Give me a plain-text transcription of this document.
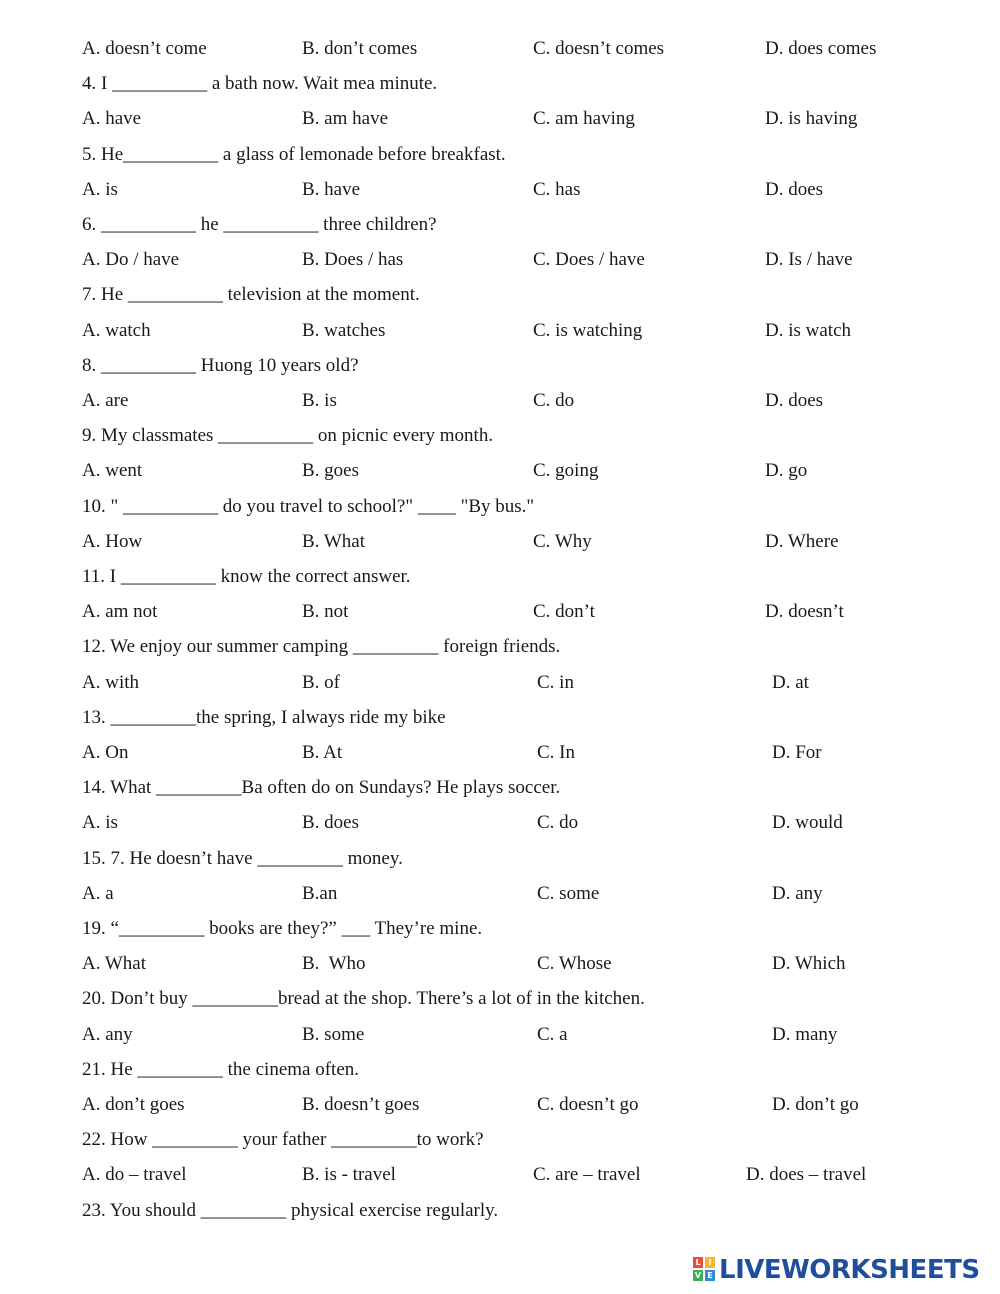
A. doesn’t come	B. don’t comes	C. doesn’t comes	D. does comes
4. I __________ a bath now. Wait mea minute.
A. have	B. am have	C. am having	D. is having
5. He__________ a glass of lemonade before breakfast.
A. is	B. have	C. has	D. does
6. __________ he __________ three children?
A. Do / have	B. Does / has	C. Does / have	D. Is / have
7. He __________ television at the moment.
A. watch	B. watches	C. is watching	D. is watch
8. __________ Huong 10 years old?
A. are	B. is	C. do	D. does
9. My classmates __________ on picnic every month.
A. went	B. goes	C. going	D. go
10. " __________ do you travel to school?" ____ "By bus."
A. How	B. What	C. Why	D. Where
11. I __________ know the correct answer.
A. am not	B. not	C. don’t	D. doesn’t
12. We enjoy our summer camping _________ foreign friends.
A. with	B. of	C. in	D. at
13. _________the spring, I always ride my bike
A. On	B. At	C. In	D. For
14. What _________Ba often do on Sundays? He plays soccer.
A. is	B. does	C. do	D. would
15. 7. He doesn’t have _________ money.
A. a	B.an	C. some	D. any
19. “_________ books are they?” ___ They’re mine.
A. What	B.  Who	C. Whose	D. Which
20. Don’t buy _________bread at the shop. There’s a lot of in the kitchen.
A. any	B. some	C. a	D. many
21. He _________ the cinema often.
A. don’t goes	B. doesn’t goes	C. doesn’t go	D. don’t go
22. How _________ your father _________to work?
A. do – travel	B. is - travel	C. are – travel	D. does – travel
23. You should _________ physical exercise regularly.
L I
V E LIVEWORKSHEETS
